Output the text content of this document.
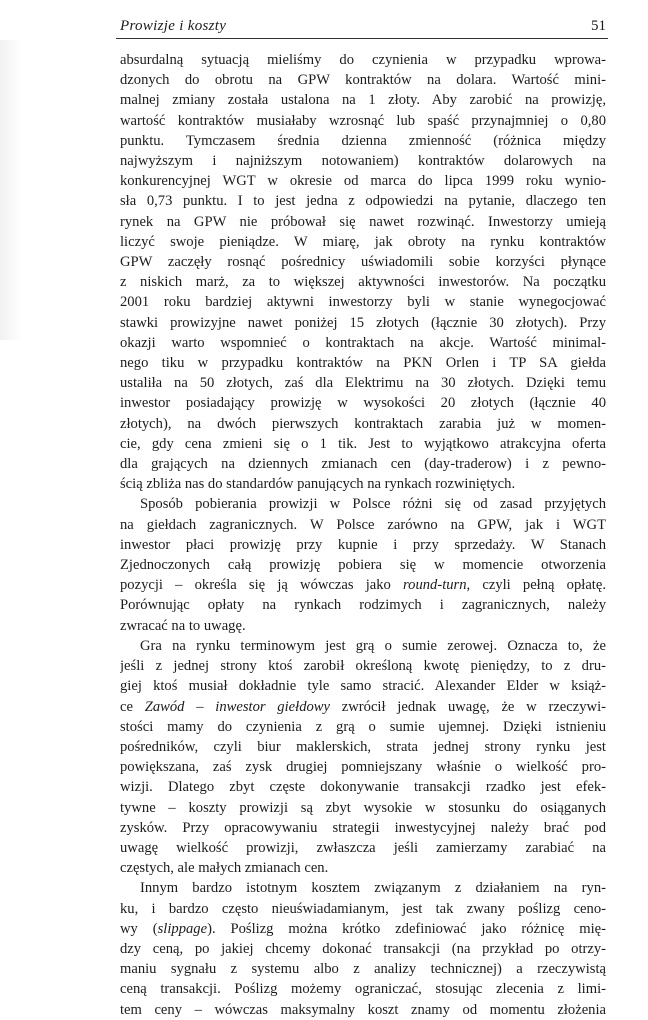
Prowizje i koszty	51
absurdalną sytuacją mieliśmy do czynienia w przypadku wprowa-
dzonych do obrotu na GPW kontraktów na dolara. Wartość mini-
malnej zmiany została ustalona na 1 złoty. Aby zarobić na prowizję,
wartość kontraktów musiałaby wzrosnąć lub spaść przynajmniej o 0,80
punktu. Tymczasem średnia dzienna zmienność (różnica między
najwyższym i najniższym notowaniem) kontraktów dolarowych na
konkurencyjnej WGT w okresie od marca do lipca 1999 roku wynio-
sła 0,73 punktu. I to jest jedna z odpowiedzi na pytanie, dlaczego ten
rynek na GPW nie próbował się nawet rozwinąć. Inwestorzy umieją
liczyć swoje pieniądze. W miarę, jak obroty na rynku kontraktów
GPW zaczęły rosnąć pośrednicy uświadomili sobie korzyści płynące
z niskich marż, za to większej aktywności inwestorów. Na początku
2001 roku bardziej aktywni inwestorzy byli w stanie wynegocjować
stawki prowizyjne nawet poniżej 15 złotych (łącznie 30 złotych). Przy
okazji warto wspomnieć o kontraktach na akcje. Wartość minimal-
nego tiku w przypadku kontraktów na PKN Orlen i TP SA giełda
ustaliła na 50 złotych, zaś dla Elektrimu na 30 złotych. Dzięki temu
inwestor posiadający prowizję w wysokości 20 złotych (łącznie 40
złotych), na dwóch pierwszych kontraktach zarabia już w momen-
cie, gdy cena zmieni się o 1 tik. Jest to wyjątkowo atrakcyjna oferta
dla grających na dziennych zmianach cen (day-traderow) i z pewno-
ścią zbliża nas do standardów panujących na rynkach rozwiniętych.
Sposób pobierania prowizji w Polsce różni się od zasad przyjętych
na giełdach zagranicznych. W Polsce zarówno na GPW, jak i WGT
inwestor płaci prowizję przy kupnie i przy sprzedaży. W Stanach
Zjednoczonych całą prowizję pobiera się w momencie otworzenia
pozycji – określa się ją wówczas jako round-turn, czyli pełną opłatę.
Porównując opłaty na rynkach rodzimych i zagranicznych, należy
zwracać na to uwagę.
Gra na rynku terminowym jest grą o sumie zerowej. Oznacza to, że
jeśli z jednej strony ktoś zarobił określoną kwotę pieniędzy, to z dru-
giej ktoś musiał dokładnie tyle samo stracić. Alexander Elder w książ-
ce Zawód – inwestor giełdowy zwrócił jednak uwagę, że w rzeczywi-
stości mamy do czynienia z grą o sumie ujemnej. Dzięki istnieniu
pośredników, czyli biur maklerskich, strata jednej strony rynku jest
powiększana, zaś zysk drugiej pomniejszany właśnie o wielkość pro-
wizji. Dlatego zbyt częste dokonywanie transakcji rzadko jest efek-
tywne – koszty prowizji są zbyt wysokie w stosunku do osiąganych
zysków. Przy opracowywaniu strategii inwestycyjnej należy brać pod
uwagę wielkość prowizji, zwłaszcza jeśli zamierzamy zarabiać na
częstych, ale małych zmianach cen.
Innym bardzo istotnym kosztem związanym z działaniem na ryn-
ku, i bardzo często nieuświadamianym, jest tak zwany poślizg ceno-
wy (slippage). Poślizg można krótko zdefiniować jako różnicę mię-
dzy ceną, po jakiej chcemy dokonać transakcji (na przykład po otrzy-
maniu sygnału z systemu albo z analizy technicznej) a rzeczywistą
ceną transakcji. Poślizg możemy ograniczać, stosując zlecenia z limi-
tem ceny – wówczas maksymalny koszt znamy od momentu złożenia
